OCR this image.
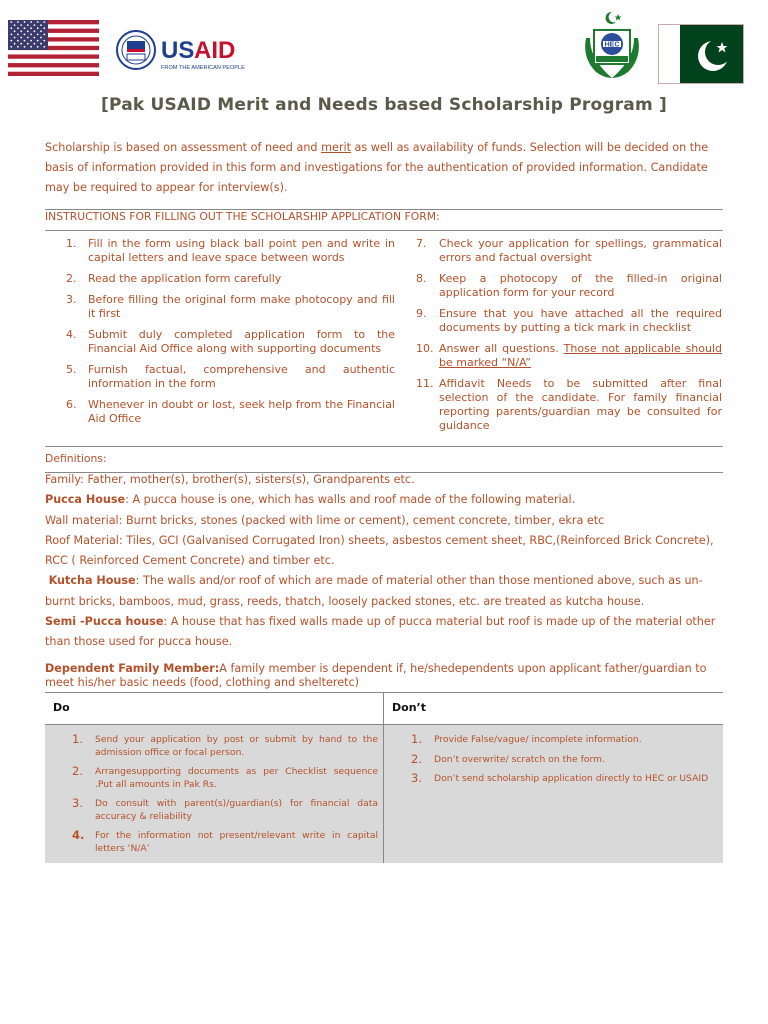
US AID
FROM THE AMERICAN PEOPLE
HEC
[Pak USAID Merit and Needs based Scholarship Program ]
Scholarship is based on assessment of need and merit as well as availability of funds. Selection will be decided on the basis of information provided in this form and investigations for the authentication of provided information. Candidate may be required to appear for interview(s).
INSTRUCTIONS FOR FILLING OUT THE SCHOLARSHIP APPLICATION FORM:
1. Fill in the form using black ball point pen and write in capital letters and leave space between words
2. Read the application form carefully
3. Before filling the original form make photocopy and fill it first
4. Submit duly completed application form to the Financial Aid Office along with supporting documents
5. Furnish factual, comprehensive and authentic information in the form
6. Whenever in doubt or lost, seek help from the Financial Aid Office
7. Check your application for spellings, grammatical errors and factual oversight
8. Keep a photocopy of the filled-in original application form for your record
9. Ensure that you have attached all the required documents by putting a tick mark in checklist
10. Answer all questions. Those not applicable should be marked “N/A”
11. Affidavit Needs to be submitted after final selection of the candidate. For family financial reporting parents/guardian may be consulted for guidance
Definitions:
Family: Father, mother(s), brother(s), sisters(s), Grandparents etc.
Pucca House: A pucca house is one, which has walls and roof made of the following material.
Wall material: Burnt bricks, stones (packed with lime or cement), cement concrete, timber, ekra etc
Roof Material: Tiles, GCI (Galvanised Corrugated Iron) sheets, asbestos cement sheet, RBC,(Reinforced Brick Concrete), RCC ( Reinforced Cement Concrete) and timber etc.
Kutcha House: The walls and/or roof of which are made of material other than those mentioned above, such as un-burnt bricks, bamboos, mud, grass, reeds, thatch, loosely packed stones, etc. are treated as kutcha house.
Semi -Pucca house: A house that has fixed walls made up of pucca material but roof is made up of the material other than those used for pucca house.
Dependent Family Member:A family member is dependent if, he/shedependents upon applicant father/guardian to meet his/her basic needs (food, clothing and shelteretc)
Do	Don’t
1. Send your application by post or submit by hand to the admission office or focal person.
2. Arrangesupporting documents as per Checklist sequence .Put all amounts in Pak Rs.
3. Do consult with parent(s)/guardian(s) for financial data accuracy & reliability
4. For the information not present/relevant write in capital letters ‘N/A’
1. Provide False/vague/ incomplete information.
2. Don’t overwrite/ scratch on the form.
3. Don’t send scholarship application directly to HEC or USAID
